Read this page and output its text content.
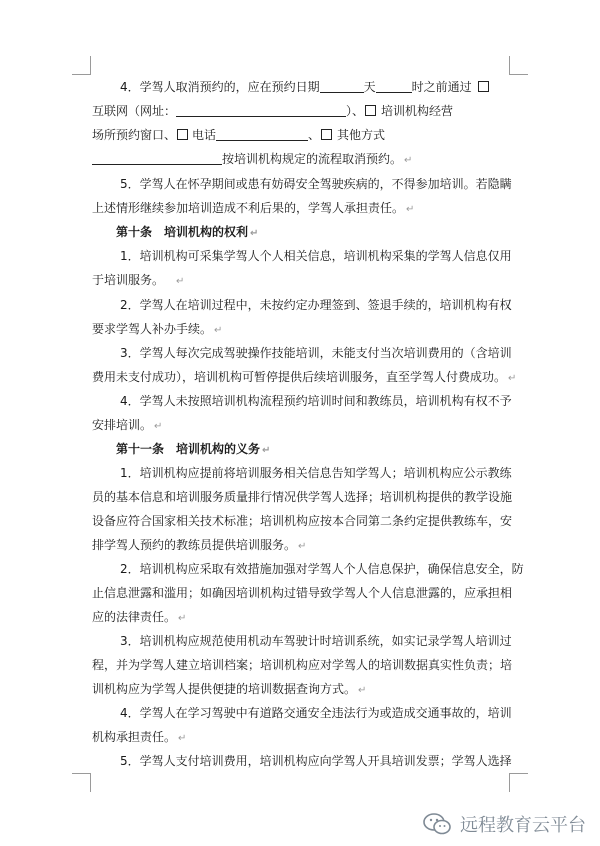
4．学驾人取消预约的，应在预约日期	天	时之前通过
互联网（网址：	）、 培训机构经营
场所预约窗口、 电话	、 其他方式
按培训机构规定的流程取消预约。 ↵
5．学驾人在怀孕期间或患有妨碍安全驾驶疾病的，不得参加培训。若隐瞒
上述情形继续参加培训造成不利后果的，学驾人承担责任。 ↵
第十条　培训机构的权利 ↵
1．培训机构可采集学驾人个人相关信息，培训机构采集的学驾人信息仅用
于培训服务。 ↵
2．学驾人在培训过程中，未按约定办理签到、签退手续的，培训机构有权
要求学驾人补办手续。 ↵
3．学驾人每次完成驾驶操作技能培训，未能支付当次培训费用的（含培训
费用未支付成功），培训机构可暂停提供后续培训服务，直至学驾人付费成功。 ↵
4．学驾人未按照培训机构流程预约培训时间和教练员，培训机构有权不予
安排培训。 ↵
第十一条　培训机构的义务 ↵
1．培训机构应提前将培训服务相关信息告知学驾人；培训机构应公示教练
员的基本信息和培训服务质量排行情况供学驾人选择；培训机构提供的教学设施
设备应符合国家相关技术标准；培训机构应按本合同第二条约定提供教练车，安
排学驾人预约的教练员提供培训服务。 ↵
2．培训机构应采取有效措施加强对学驾人个人信息保护，确保信息安全，防
止信息泄露和滥用；如确因培训机构过错导致学驾人个人信息泄露的，应承担相
应的法律责任。 ↵
3．培训机构应规范使用机动车驾驶计时培训系统，如实记录学驾人培训过
程，并为学驾人建立培训档案；培训机构应对学驾人的培训数据真实性负责；培
训机构应为学驾人提供便捷的培训数据查询方式。 ↵
4．学驾人在学习驾驶中有道路交通安全违法行为或造成交通事故的，培训
机构承担责任。 ↵
5．学驾人支付培训费用，培训机构应向学驾人开具培训发票；学驾人选择
远程教育云平台
